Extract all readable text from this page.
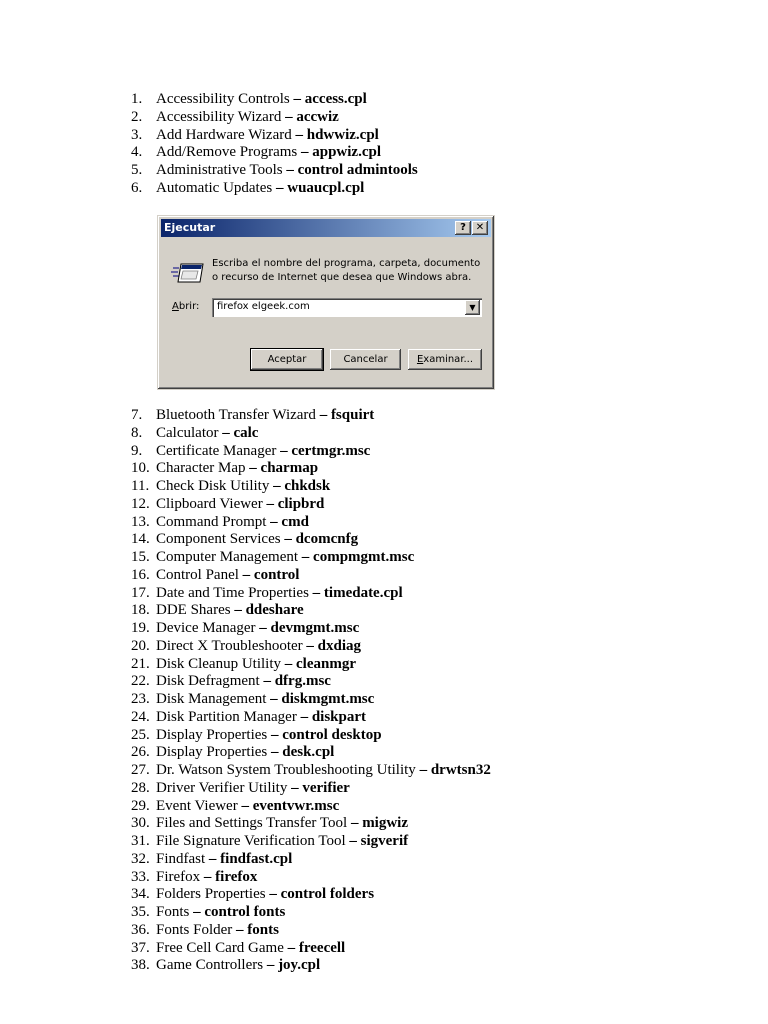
1. Accessibility Controls – access.cpl
2. Accessibility Wizard – accwiz
3. Add Hardware Wizard – hdwwiz.cpl
4. Add/Remove Programs – appwiz.cpl
5. Administrative Tools – control admintools
6. Automatic Updates – wuaucpl.cpl
Ejecutar	? ✕
Escriba el nombre del programa, carpeta, documento o recurso de Internet que desea que Windows abra.
Abrir: firefox elgeek.com	▼
Aceptar	Cancelar	Examinar...
7. Bluetooth Transfer Wizard – fsquirt
8. Calculator – calc
9. Certificate Manager – certmgr.msc
10. Character Map – charmap
11. Check Disk Utility – chkdsk
12. Clipboard Viewer – clipbrd
13. Command Prompt – cmd
14. Component Services – dcomcnfg
15. Computer Management – compmgmt.msc
16. Control Panel – control
17. Date and Time Properties – timedate.cpl
18. DDE Shares – ddeshare
19. Device Manager – devmgmt.msc
20. Direct X Troubleshooter – dxdiag
21. Disk Cleanup Utility – cleanmgr
22. Disk Defragment – dfrg.msc
23. Disk Management – diskmgmt.msc
24. Disk Partition Manager – diskpart
25. Display Properties – control desktop
26. Display Properties – desk.cpl
27. Dr. Watson System Troubleshooting Utility – drwtsn32
28. Driver Verifier Utility – verifier
29. Event Viewer – eventvwr.msc
30. Files and Settings Transfer Tool – migwiz
31. File Signature Verification Tool – sigverif
32. Findfast – findfast.cpl
33. Firefox – firefox
34. Folders Properties – control folders
35. Fonts – control fonts
36. Fonts Folder – fonts
37. Free Cell Card Game – freecell
38. Game Controllers – joy.cpl
